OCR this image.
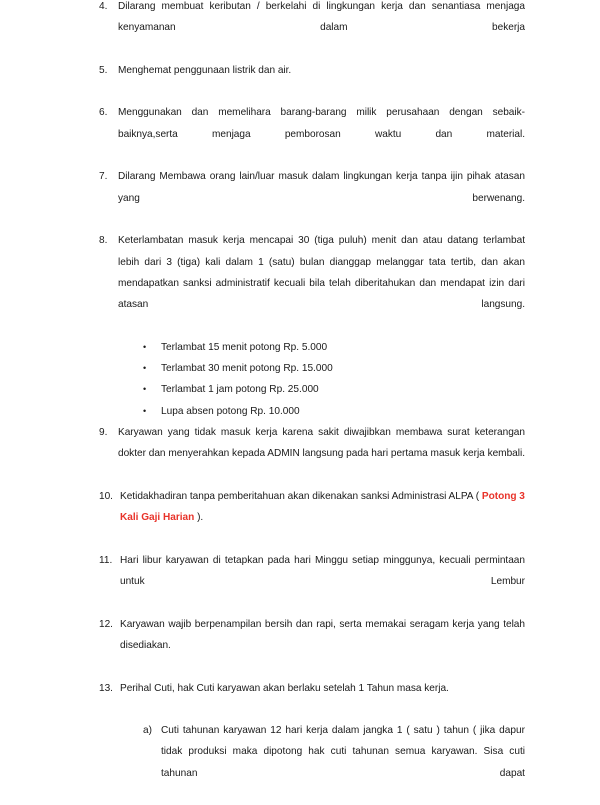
4.	Dilarang membuat keributan / berkelahi di lingkungan kerja dan senantiasa menjaga kenyamanan dalam bekerja
5.	Menghemat penggunaan listrik dan air.
6.	Menggunakan dan memelihara barang-barang milik perusahaan dengan sebaik-baiknya,serta menjaga pemborosan waktu dan material.
7.	Dilarang Membawa orang lain/luar masuk dalam lingkungan kerja tanpa ijin pihak atasan yang berwenang.
8.	Keterlambatan masuk kerja mencapai 30 (tiga puluh) menit dan atau datang terlambat lebih dari 3 (tiga) kali dalam 1 (satu) bulan dianggap melanggar tata tertib, dan akan mendapatkan sanksi administratif kecuali bila telah diberitahukan dan mendapat izin dari atasan langsung.
• Terlambat 15 menit potong Rp. 5.000
• Terlambat 30 menit potong Rp. 15.000
• Terlambat 1 jam potong Rp. 25.000
• Lupa absen potong Rp. 10.000
9.	Karyawan yang tidak masuk kerja karena sakit diwajibkan membawa surat keterangan dokter dan menyerahkan kepada ADMIN langsung pada hari pertama masuk kerja kembali.
10. Ketidakhadiran tanpa pemberitahuan akan dikenakan sanksi Administrasi ALPA ( Potong 3 Kali Gaji Harian ).
11. Hari libur karyawan di tetapkan pada hari Minggu setiap minggunya, kecuali permintaan untuk Lembur
12. Karyawan wajib berpenampilan bersih dan rapi, serta memakai seragam kerja yang telah disediakan.
13. Perihal Cuti, hak Cuti karyawan akan berlaku setelah 1 Tahun masa kerja.
a) Cuti tahunan karyawan 12 hari kerja dalam jangka 1 ( satu ) tahun ( jika dapur tidak produksi maka dipotong hak cuti tahunan semua karyawan. Sisa cuti tahunan dapat
